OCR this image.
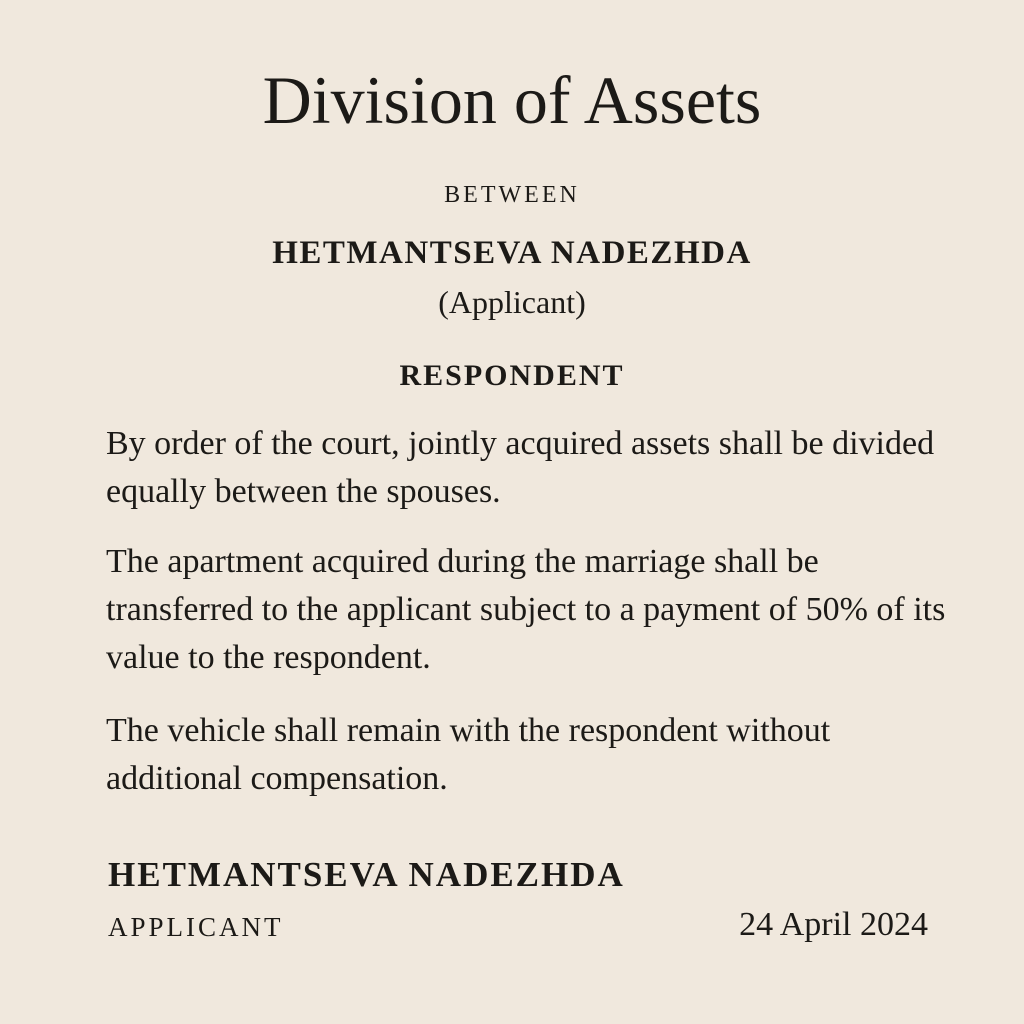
Division of Assets
BETWEEN
HETMANTSEVA NADEZHDA
(Applicant)
RESPONDENT

By order of the court, jointly acquired assets shall be divided equally between the spouses.

The apartment acquired during the marriage shall be transferred to the applicant subject to a payment of 50% of its value to the respondent.

The vehicle shall remain with the respondent without additional compensation.

HETMANTSEVA NADEZHDA
APPLICANT	24 April 2024
